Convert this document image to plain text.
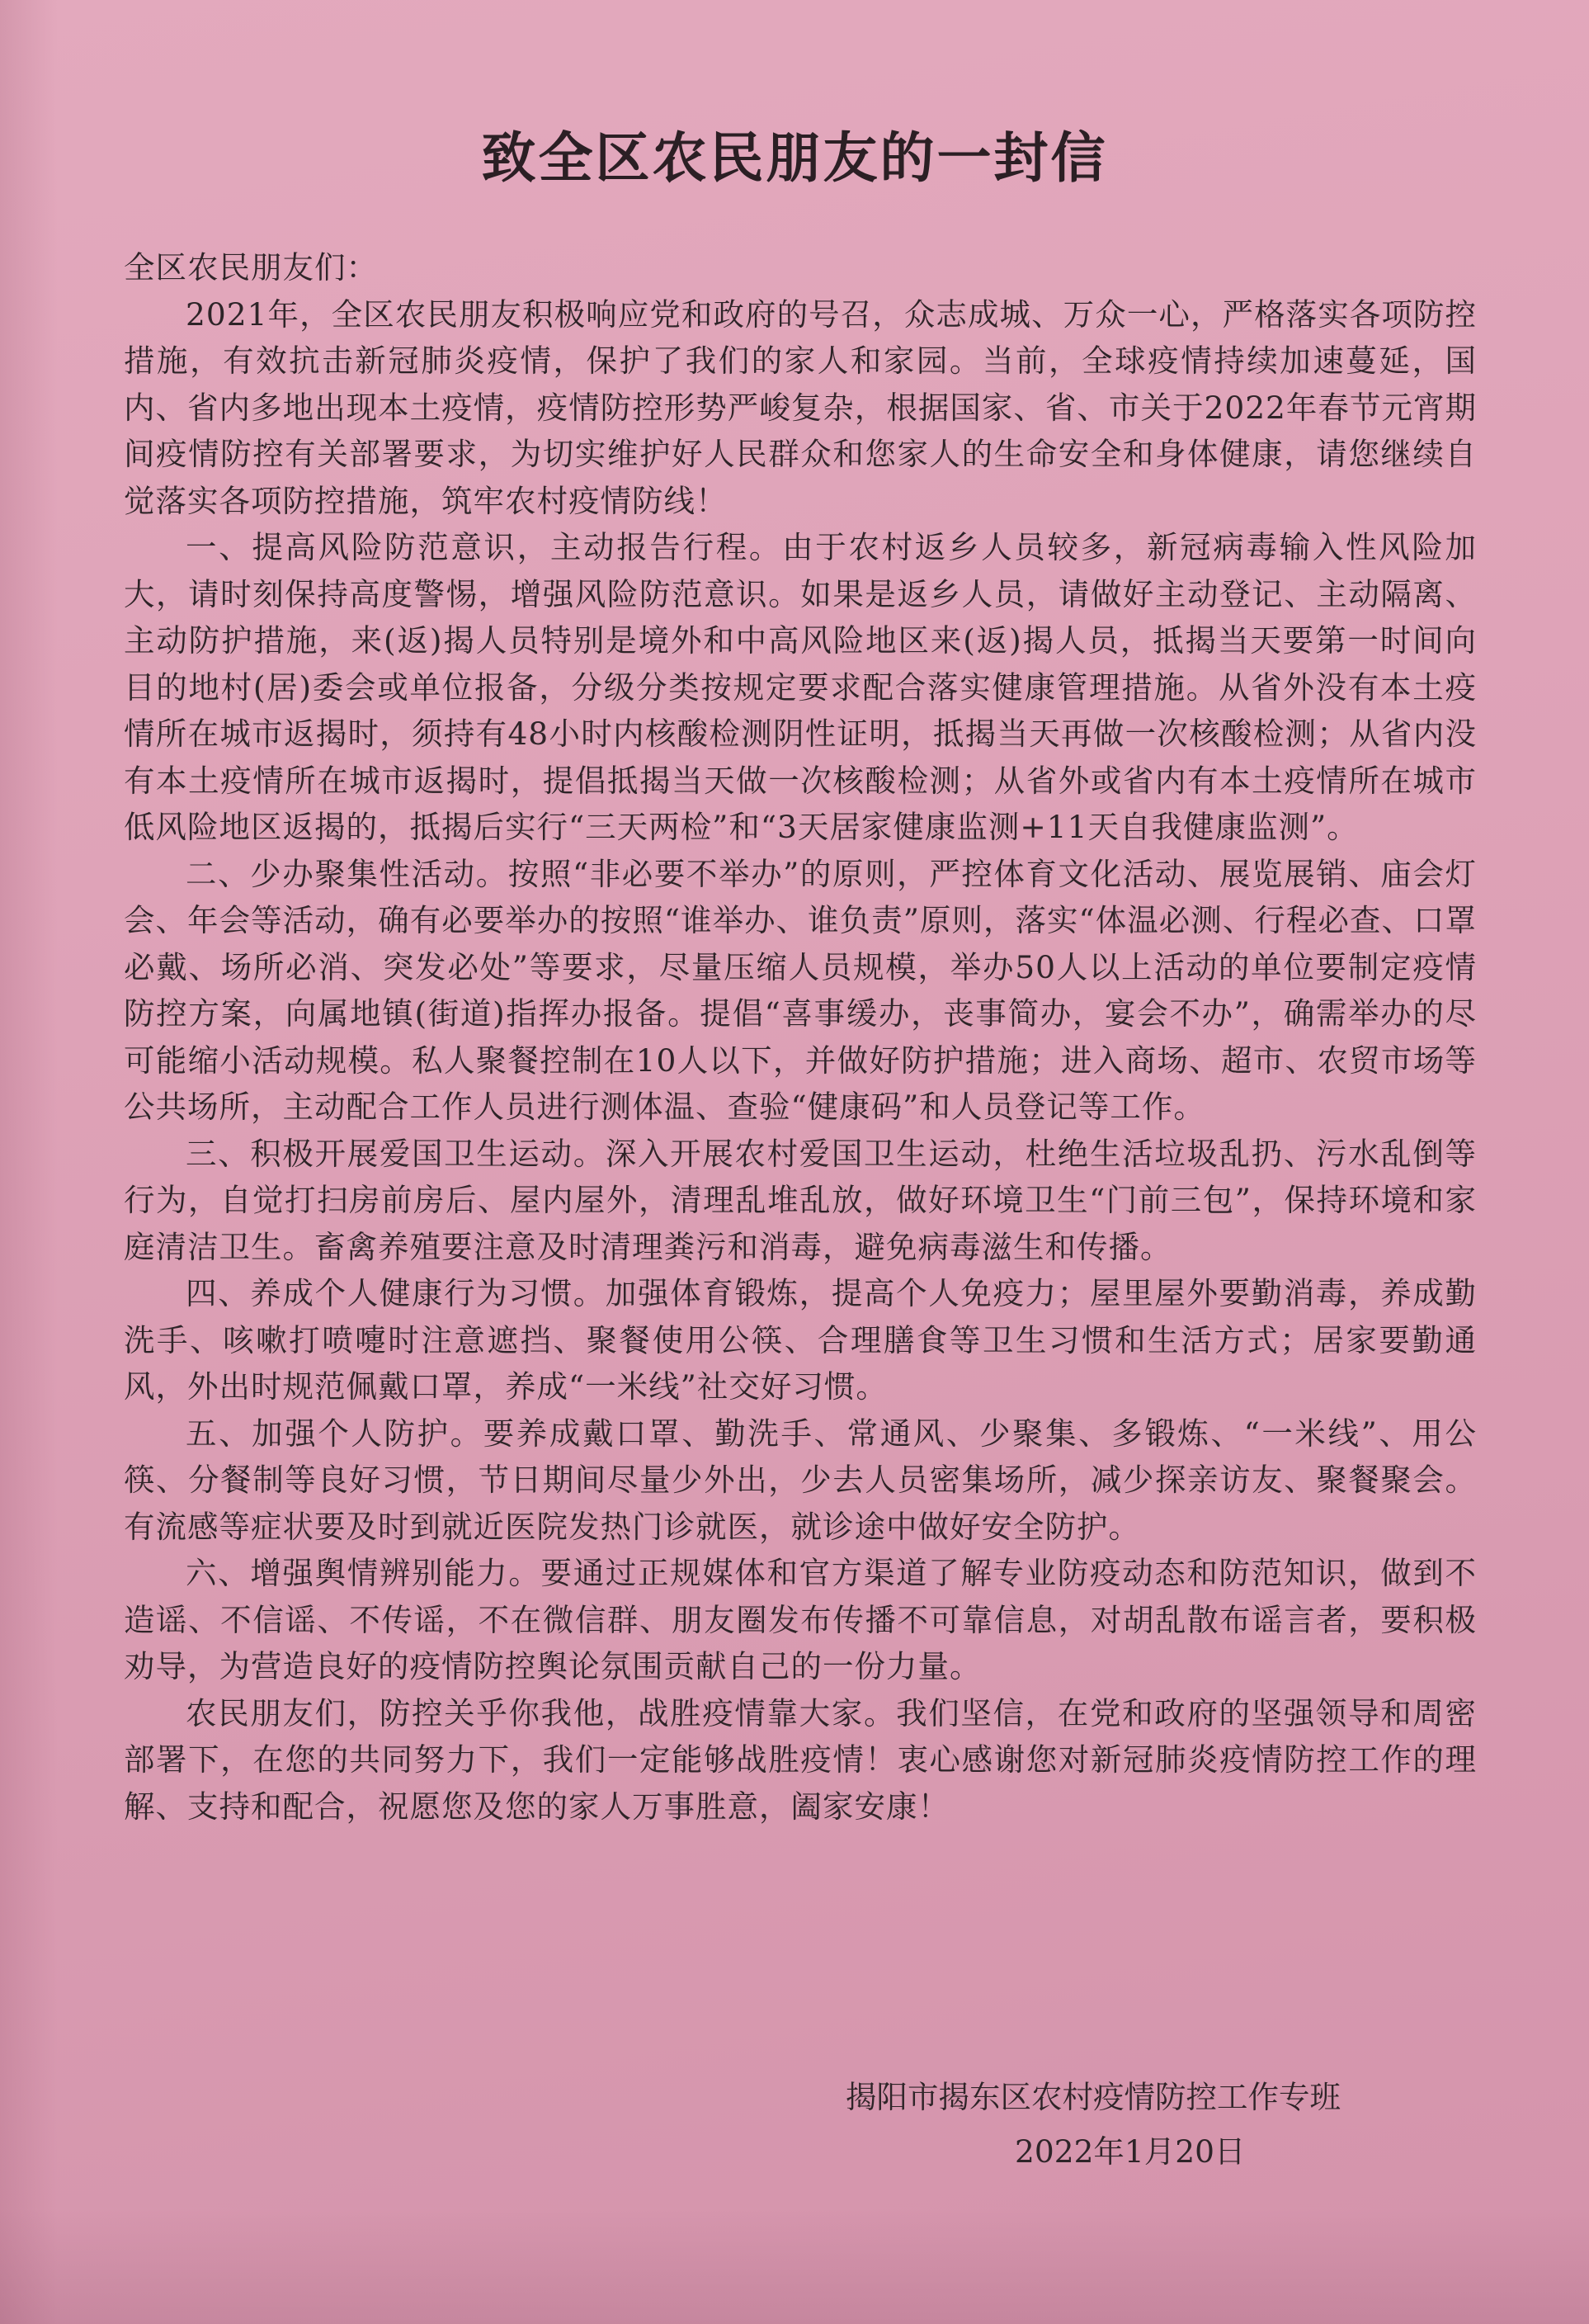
致全区农民朋友的一封信

全区农民朋友们：

2021年，全区农民朋友积极响应党和政府的号召，众志成城、万众一心，严格落实各项防控措施，有效抗击新冠肺炎疫情，保护了我们的家人和家园。当前，全球疫情持续加速蔓延，国内、省内多地出现本土疫情，疫情防控形势严峻复杂，根据国家、省、市关于2022年春节元宵期间疫情防控有关部署要求，为切实维护好人民群众和您家人的生命安全和身体健康，请您继续自觉落实各项防控措施，筑牢农村疫情防线！

一、提高风险防范意识，主动报告行程。由于农村返乡人员较多，新冠病毒输入性风险加大，请时刻保持高度警惕，增强风险防范意识。如果是返乡人员，请做好主动登记、主动隔离、主动防护措施，来(返)揭人员特别是境外和中高风险地区来(返)揭人员，抵揭当天要第一时间向目的地村(居)委会或单位报备，分级分类按规定要求配合落实健康管理措施。从省外没有本土疫情所在城市返揭时，须持有48小时内核酸检测阴性证明，抵揭当天再做一次核酸检测；从省内没有本土疫情所在城市返揭时，提倡抵揭当天做一次核酸检测；从省外或省内有本土疫情所在城市低风险地区返揭的，抵揭后实行“三天两检”和“3天居家健康监测+11天自我健康监测”。

二、少办聚集性活动。按照“非必要不举办”的原则，严控体育文化活动、展览展销、庙会灯会、年会等活动，确有必要举办的按照“谁举办、谁负责”原则，落实“体温必测、行程必查、口罩必戴、场所必消、突发必处”等要求，尽量压缩人员规模，举办50人以上活动的单位要制定疫情防控方案，向属地镇(街道)指挥办报备。提倡“喜事缓办，丧事简办，宴会不办”，确需举办的尽可能缩小活动规模。私人聚餐控制在10人以下，并做好防护措施；进入商场、超市、农贸市场等公共场所，主动配合工作人员进行测体温、查验“健康码”和人员登记等工作。

三、积极开展爱国卫生运动。深入开展农村爱国卫生运动，杜绝生活垃圾乱扔、污水乱倒等行为，自觉打扫房前房后、屋内屋外，清理乱堆乱放，做好环境卫生“门前三包”，保持环境和家庭清洁卫生。畜禽养殖要注意及时清理粪污和消毒，避免病毒滋生和传播。

四、养成个人健康行为习惯。加强体育锻炼，提高个人免疫力；屋里屋外要勤消毒，养成勤洗手、咳嗽打喷嚏时注意遮挡、聚餐使用公筷、合理膳食等卫生习惯和生活方式；居家要勤通风，外出时规范佩戴口罩，养成“一米线”社交好习惯。

五、加强个人防护。要养成戴口罩、勤洗手、常通风、少聚集、多锻炼、“一米线”、用公筷、分餐制等良好习惯，节日期间尽量少外出，少去人员密集场所，减少探亲访友、聚餐聚会。有流感等症状要及时到就近医院发热门诊就医，就诊途中做好安全防护。

六、增强舆情辨别能力。要通过正规媒体和官方渠道了解专业防疫动态和防范知识，做到不造谣、不信谣、不传谣，不在微信群、朋友圈发布传播不可靠信息，对胡乱散布谣言者，要积极劝导，为营造良好的疫情防控舆论氛围贡献自己的一份力量。

农民朋友们，防控关乎你我他，战胜疫情靠大家。我们坚信，在党和政府的坚强领导和周密部署下，在您的共同努力下，我们一定能够战胜疫情！衷心感谢您对新冠肺炎疫情防控工作的理解、支持和配合，祝愿您及您的家人万事胜意，阖家安康！

揭阳市揭东区农村疫情防控工作专班
2022年1月20日
